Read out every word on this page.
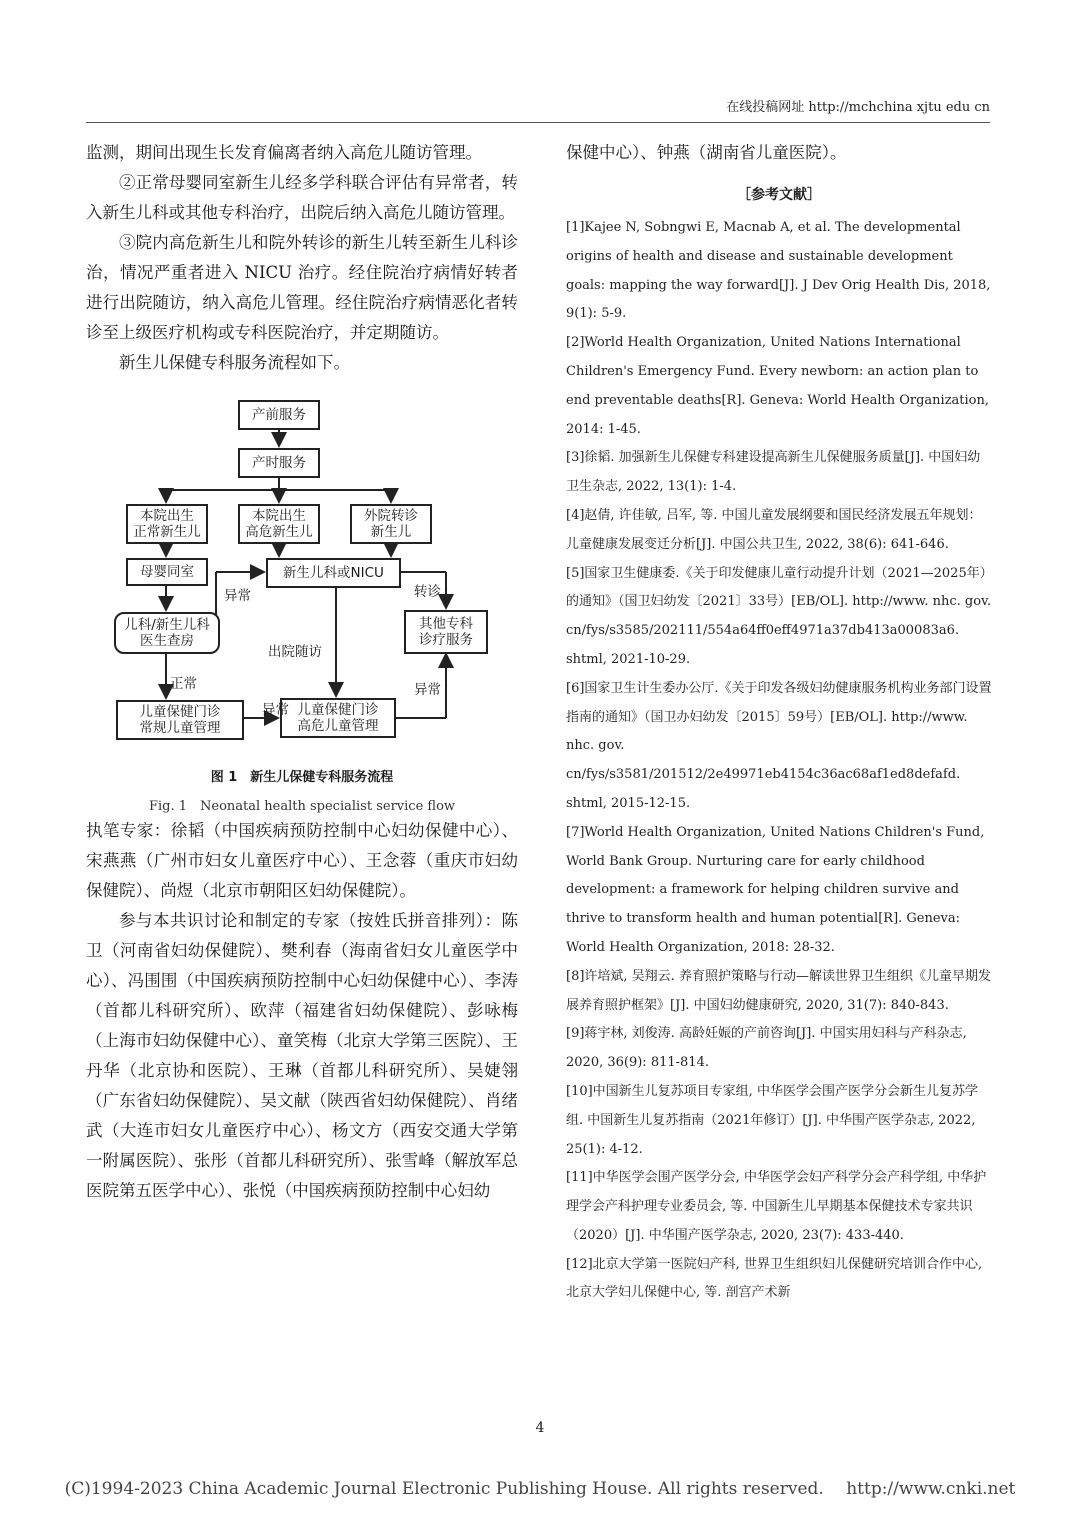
在线投稿网址 http://mchchina xjtu edu cn

监测，期间出现生长发育偏离者纳入高危儿随访管理。

②正常母婴同室新生儿经多学科联合评估有异常者，转入新生儿科或其他专科治疗，出院后纳入高危儿随访管理。

③院内高危新生儿和院外转诊的新生儿转至新生儿科诊治，情况严重者进入 NICU 治疗。经住院治疗病情好转者进行出院随访，纳入高危儿管理。经住院治疗病情恶化者转诊至上级医疗机构或专科医院治疗，并定期随访。

新生儿保健专科服务流程如下。

产前服务
产时服务
本院出生
正常新生儿
本院出生
高危新生儿
外院转诊
新生儿
母婴同室	新生儿科或NICU
儿科/新生儿科
医生查房
其他专科
诊疗服务
儿童保健门诊
常规儿童管理
儿童保健门诊
高危儿童管理
异常	转诊
出院随访
正常
异常
异常
图 1　新生儿保健专科服务流程
Fig. 1　Neonatal health specialist service flow

执笔专家：徐韬（中国疾病预防控制中心妇幼保健中心）、宋燕燕（广州市妇女儿童医疗中心）、王念蓉（重庆市妇幼保健院）、尚煜（北京市朝阳区妇幼保健院）。

参与本共识讨论和制定的专家（按姓氏拼音排列）：陈卫（河南省妇幼保健院）、樊利春（海南省妇女儿童医学中心）、冯围围（中国疾病预防控制中心妇幼保健中心）、李涛（首都儿科研究所）、欧萍（福建省妇幼保健院）、彭咏梅（上海市妇幼保健中心）、童笑梅（北京大学第三医院）、王丹华（北京协和医院）、王琳（首都儿科研究所）、吴婕翎（广东省妇幼保健院）、吴文献（陕西省妇幼保健院）、肖绪武（大连市妇女儿童医疗中心）、杨文方（西安交通大学第一附属医院）、张彤（首都儿科研究所）、张雪峰（解放军总医院第五医学中心）、张悦（中国疾病预防控制中心妇幼

保健中心）、钟燕（湖南省儿童医院）。

［参考文献］

[1]Kajee N, Sobngwi E, Macnab A, et al. The developmental origins of health and disease and sustainable development goals: mapping the way forward[J]. J Dev Orig Health Dis, 2018, 9(1): 5-9.

[2]World Health Organization, United Nations International Children's Emergency Fund. Every newborn: an action plan to end preventable deaths[R]. Geneva: World Health Organization, 2014: 1-45.

[3]徐韬. 加强新生儿保健专科建设提高新生儿保健服务质量[J]. 中国妇幼卫生杂志, 2022, 13(1): 1-4.

[4]赵倩, 许佳敏, 吕军, 等. 中国儿童发展纲要和国民经济发展五年规划：儿童健康发展变迁分析[J]. 中国公共卫生, 2022, 38(6): 641-646.

[5]国家卫生健康委.《关于印发健康儿童行动提升计划（2021—2025年）的通知》（国卫妇幼发〔2021〕33号）[EB/OL]. http://www. nhc. gov. cn/fys/s3585/202111/554a64ff0eff4971a37db413a00083a6. shtml, 2021-10-29.

[6]国家卫生计生委办公厅.《关于印发各级妇幼健康服务机构业务部门设置指南的通知》（国卫办妇幼发〔2015〕59号）[EB/OL]. http://www. nhc. gov. cn/fys/s3581/201512/2e49971eb4154c36ac68af1ed8defafd. shtml, 2015-12-15.

[7]World Health Organization, United Nations Children's Fund, World Bank Group. Nurturing care for early childhood development: a framework for helping children survive and thrive to transform health and human potential[R]. Geneva: World Health Organization, 2018: 28-32.

[8]许培斌, 吴翔云. 养育照护策略与行动—解读世界卫生组织《儿童早期发展养育照护框架》[J]. 中国妇幼健康研究, 2020, 31(7): 840-843.

[9]蒋宇林, 刘俊涛. 高龄妊娠的产前咨询[J]. 中国实用妇科与产科杂志, 2020, 36(9): 811-814.

[10]中国新生儿复苏项目专家组, 中华医学会围产医学分会新生儿复苏学组. 中国新生儿复苏指南（2021年修订）[J]. 中华围产医学杂志, 2022, 25(1): 4-12.

[11]中华医学会围产医学分会, 中华医学会妇产科学分会产科学组, 中华护理学会产科护理专业委员会, 等. 中国新生儿早期基本保健技术专家共识（2020）[J]. 中华围产医学杂志, 2020, 23(7): 433-440.

[12]北京大学第一医院妇产科, 世界卫生组织妇儿保健研究培训合作中心, 北京大学妇儿保健中心, 等. 剖宫产术新

4
(C)1994-2023 China Academic Journal Electronic Publishing House. All rights reserved.　 http://www.cnki.net
